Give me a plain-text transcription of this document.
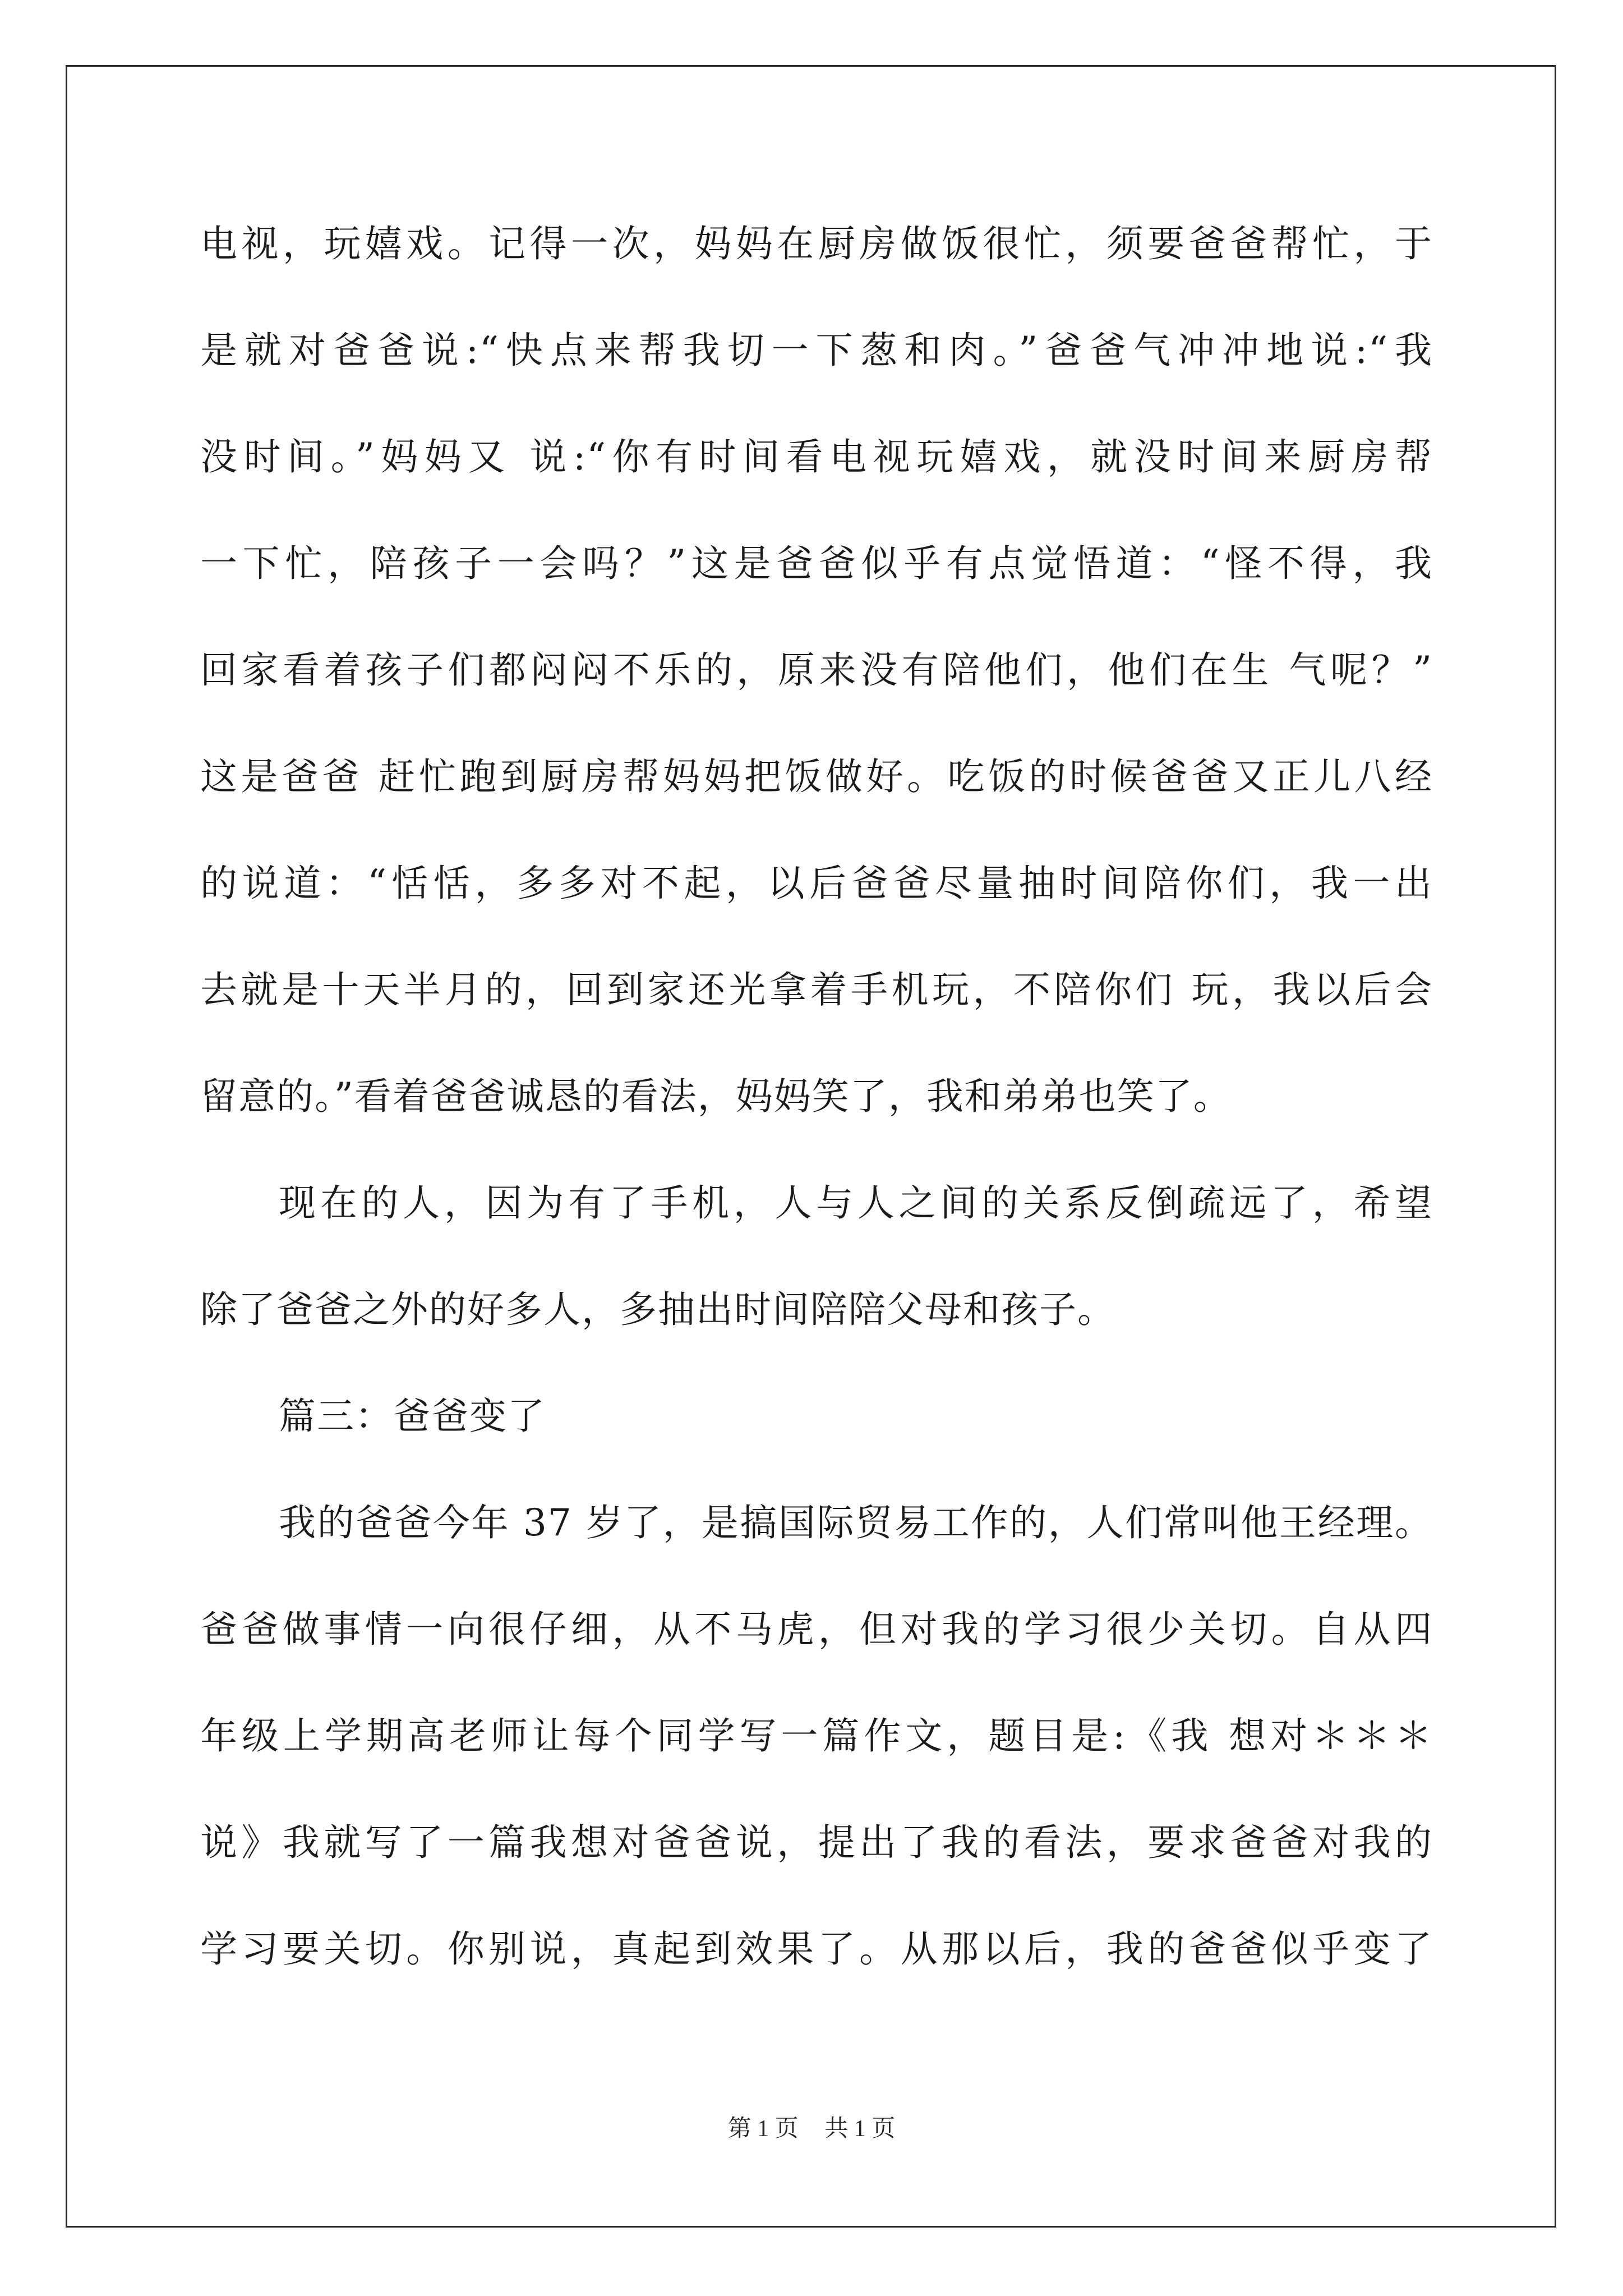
电视，玩嬉戏。记得一次，妈妈在厨房做饭很忙，须要爸爸帮忙，于
是就对爸爸说:“快点来帮我切一下葱和肉。”爸爸气冲冲地说:“我
没时间。”妈妈又 说:“你有时间看电视玩嬉戏，就没时间来厨房帮
一下忙，陪孩子一会吗？”这是爸爸似乎有点觉悟道：“怪不得，我
回家看着孩子们都闷闷不乐的，原来没有陪他们，他们在生 气呢？”
这是爸爸 赶忙跑到厨房帮妈妈把饭做好。吃饭的时候爸爸又正儿八经
的说道：“恬恬，多多对不起，以后爸爸尽量抽时间陪你们，我一出
去就是十天半月的，回到家还光拿着手机玩，不陪你们 玩，我以后会
留意的。”看着爸爸诚恳的看法，妈妈笑了，我和弟弟也笑了。
现在的人，因为有了手机，人与人之间的关系反倒疏远了，希望
除了爸爸之外的好多人，多抽出时间陪陪父母和孩子。
篇三：爸爸变了
我的爸爸今年 37 岁了，是搞国际贸易工作的，人们常叫他王经理。
爸爸做事情一向很仔细，从不马虎，但对我的学习很少关切。自从四
年级上学期高老师让每个同学写一篇作文，题目是:《我 想对＊＊＊
说》我就写了一篇我想对爸爸说，提出了我的看法，要求爸爸对我的
学习要关切。你别说，真起到效果了。从那以后，我的爸爸似乎变了
第 1 页 共 1 页
